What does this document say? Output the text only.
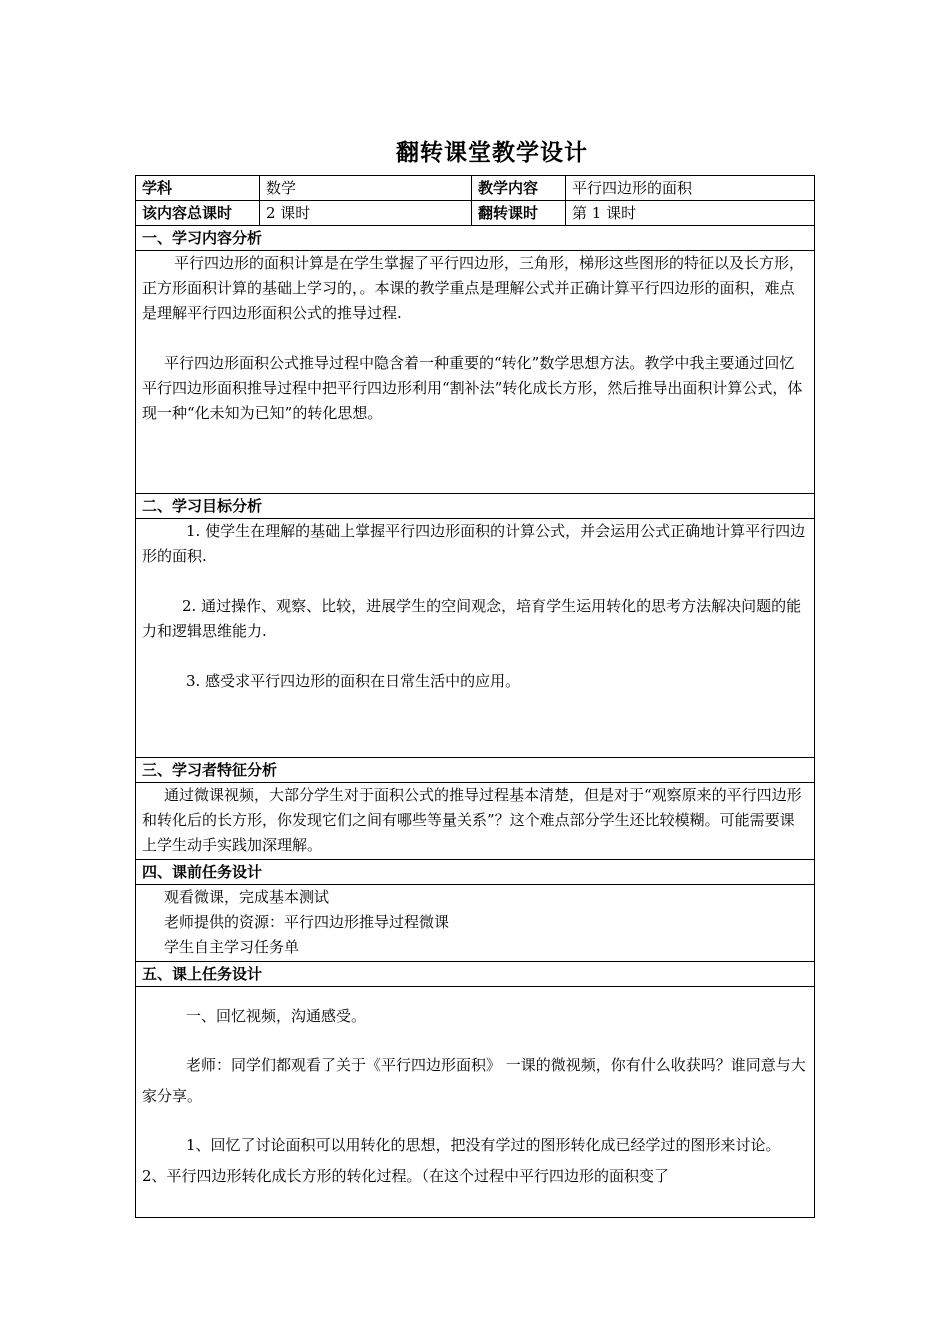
翻转课堂教学设计
学科	数学	教学内容	平行四边形的面积
该内容总课时	2 课时	翻转课时	第 1 课时
一、学习内容分析			

平行四边形的面积计算是在学生掌握了平行四边形，三角形，梯形这些图形的特征以及长方形，正方形面积计算的基础上学习的，。本课的教学重点是理解公式并正确计算平行四边形的面积，难点是理解平行四边形面积公式的推导过程.

平行四边形面积公式推导过程中隐含着一种重要的“转化”数学思想方法。教学中我主要通过回忆平行四边形面积推导过程中把平行四边形利用“割补法”转化成长方形，然后推导出面积计算公式，体现一种“化未知为已知”的转化思想。			

二、学习目标分析			

1. 使学生在理解的基础上掌握平行四边形面积的计算公式，并会运用公式正确地计算平行四边形的面积.

2. 通过操作、观察、比较，进展学生的空间观念，培育学生运用转化的思考方法解决问题的能力和逻辑思维能力.

3. 感受求平行四边形的面积在日常生活中的应用。			

三、学习者特征分析			

通过微课视频，大部分学生对于面积公式的推导过程基本清楚，但是对于“观察原来的平行四边形和转化后的长方形，你发现它们之间有哪些等量关系”？这个难点部分学生还比较模糊。可能需要课上学生动手实践加深理解。			

四、课前任务设计			

观看微课，完成基本测试

老师提供的资源：平行四边形推导过程微课

学生自主学习任务单			

五、课上任务设计			

一、回忆视频，沟通感受。

老师：同学们都观看了关于《平行四边形面积》 一课的微视频，你有什么收获吗？谁同意与大家分享。

1、回忆了讨论面积可以用转化的思想，把没有学过的图形转化成已经学过的图形来讨论。 2、平行四边形转化成长方形的转化过程。（在这个过程中平行四边形的面积变了			
